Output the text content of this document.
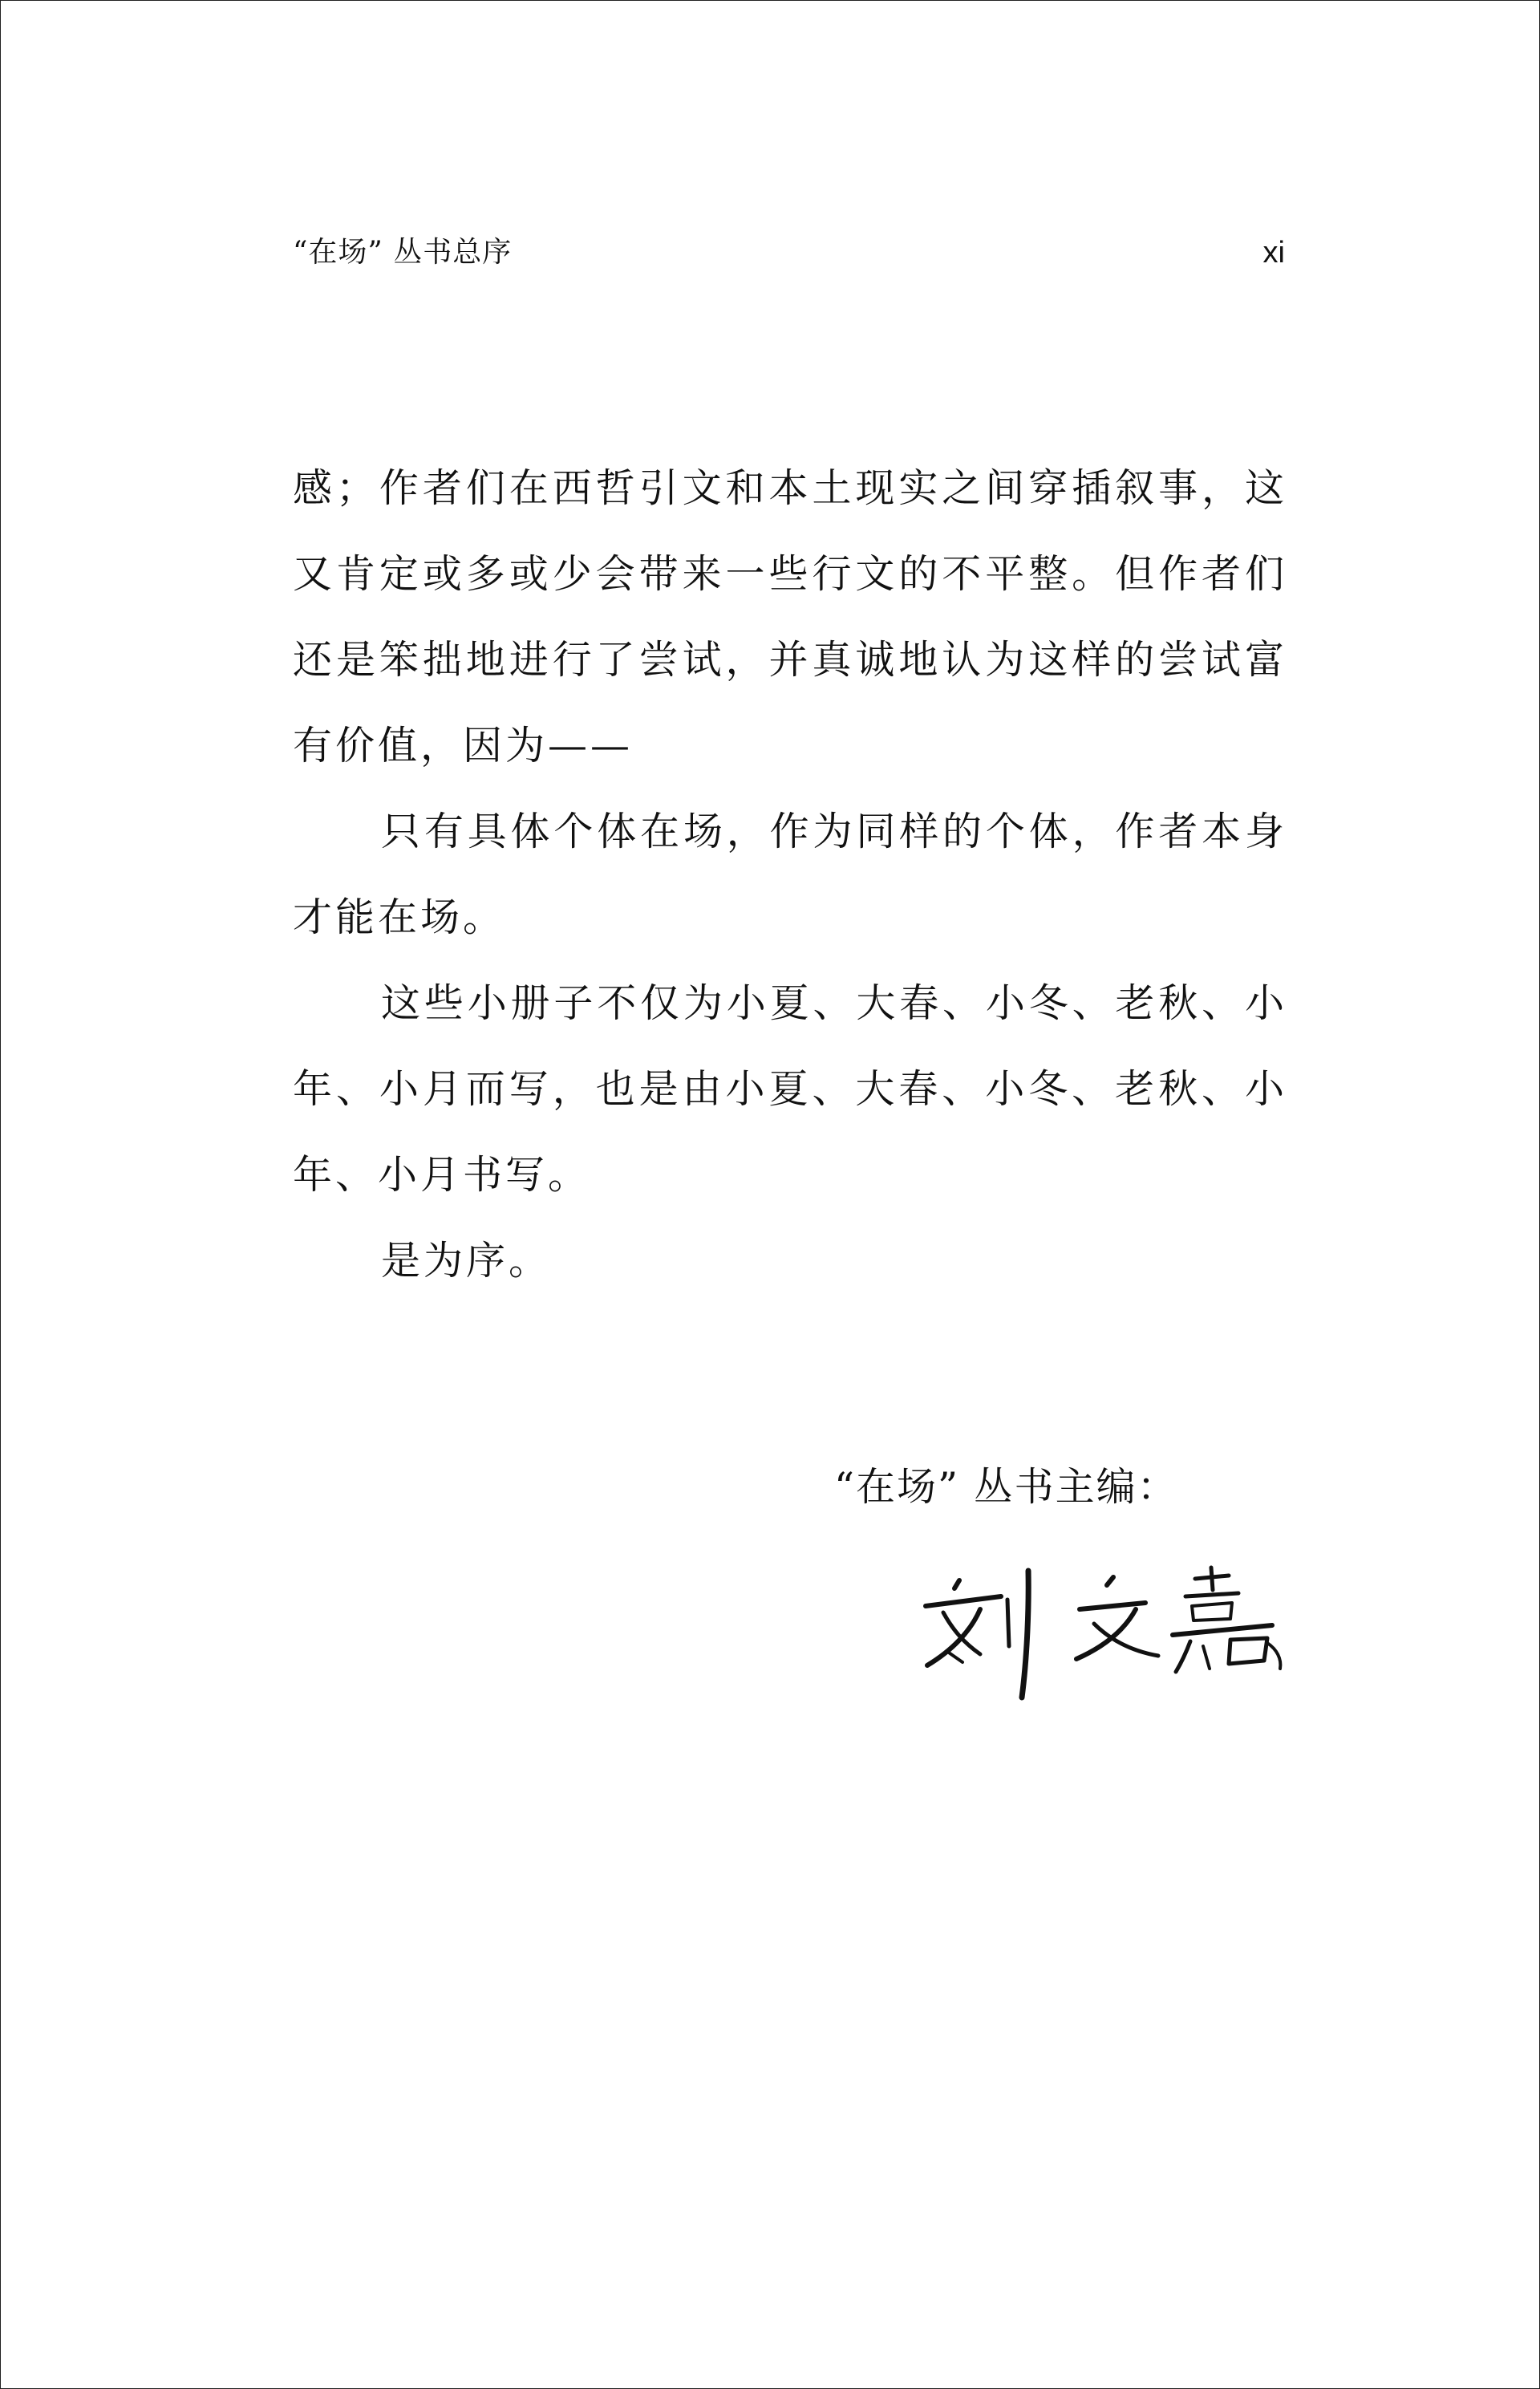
“在场” 丛书总序	xi

感；作者们在西哲引文和本土现实之间穿插叙事，这又肯定或多或少会带来一些行文的不平整。但作者们还是笨拙地进行了尝试，并真诚地认为这样的尝试富有价值，因为——

只有具体个体在场，作为同样的个体，作者本身才能在场。

这些小册子不仅为小夏、大春、小冬、老秋、小年、小月而写，也是由小夏、大春、小冬、老秋、小年、小月书写。

是为序。

“在场” 丛书主编：
